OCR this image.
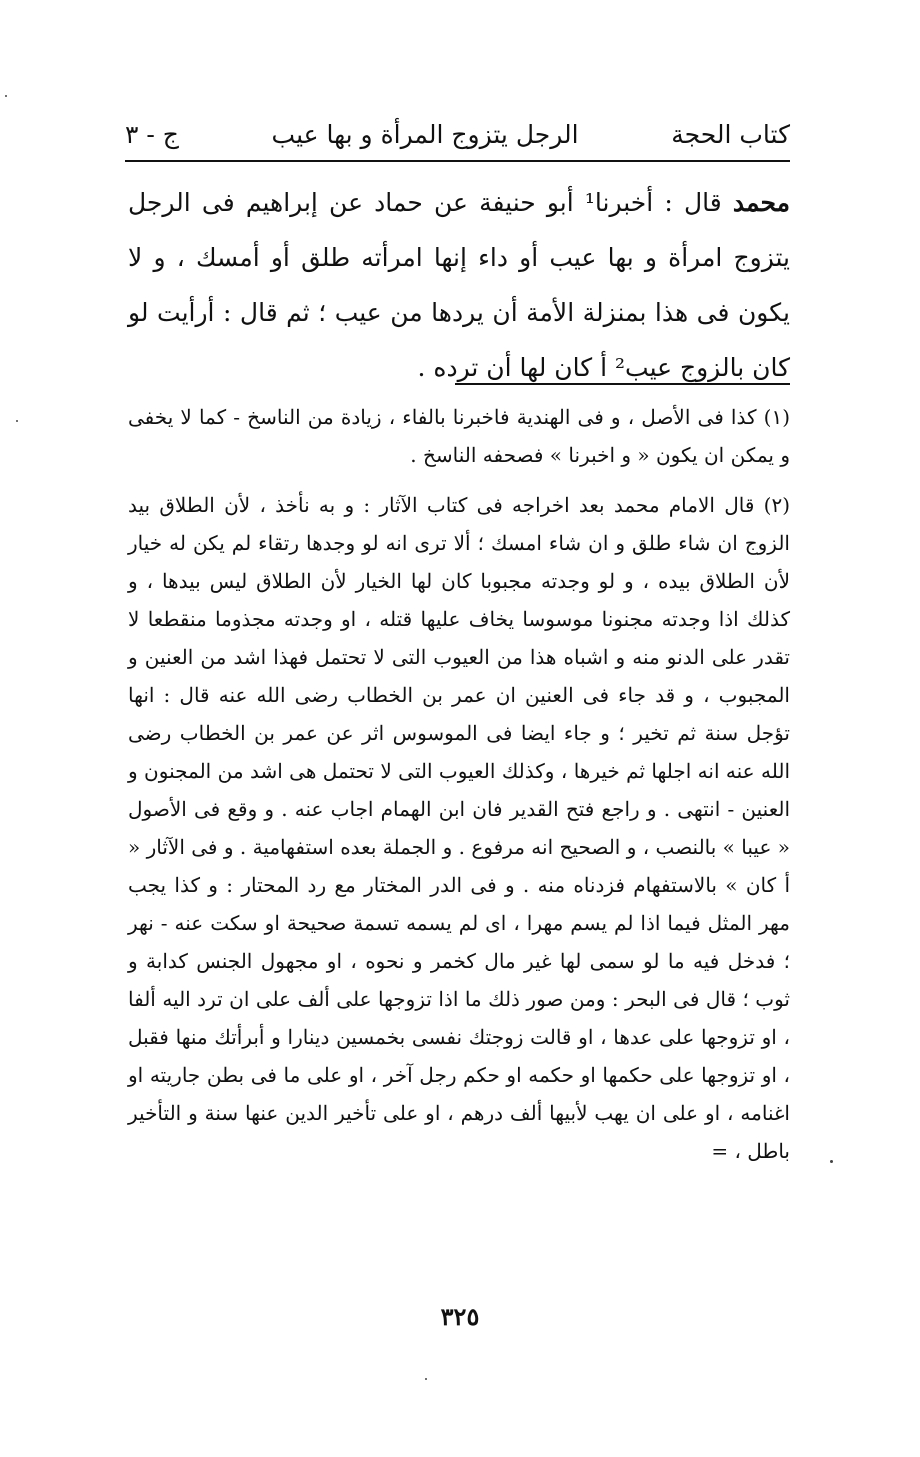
كتاب الحجة
الرجل يتزوج المرأة و بها عيب
ج - ٣

محمد قال : أخبرنا¹ أبو حنيفة عن حماد عن إبراهيم فى الرجل يتزوج امرأة و بها عيب أو داء إنها امرأته طلق أو أمسك ، و لا يكون فى هذا بمنزلة الأمة أن يردها من عيب ؛ ثم قال : أرأيت لو كان بالزوج عيب² أ كان لها أن ترده .

(١) كذا فى الأصل ، و فى الهندية فاخبرنا بالفاء ، زيادة من الناسخ - كما لا يخفى و يمكن ان يكون « و اخبرنا » فصحفه الناسخ .

(٢) قال الامام محمد بعد اخراجه فى كتاب الآثار : و به نأخذ ، لأن الطلاق بيد الزوج ان شاء طلق و ان شاء امسك ؛ ألا ترى انه لو وجدها رتقاء لم يكن له خيار لأن الطلاق بيده ، و لو وجدته مجبوبا كان لها الخيار لأن الطلاق ليس بيدها ، و كذلك اذا وجدته مجنونا موسوسا يخاف عليها قتله ، او وجدته مجذوما منقطعا لا تقدر على الدنو منه و اشباه هذا من العيوب التى لا تحتمل فهذا اشد من العنين و المجبوب ، و قد جاء فى العنين ان عمر بن الخطاب رضى الله عنه قال : انها تؤجل سنة ثم تخير ؛ و جاء ايضا فى الموسوس اثر عن عمر بن الخطاب رضى الله عنه انه اجلها ثم خيرها ، وكذلك العيوب التى لا تحتمل هى اشد من المجنون و العنين - انتهى . و راجع فتح القدير فان ابن الهمام اجاب عنه . و وقع فى الأصول « عيبا » بالنصب ، و الصحيح انه مرفوع . و الجملة بعده استفهامية . و فى الآثار « أ كان » بالاستفهام فزدناه منه . و فى الدر المختار مع رد المحتار : و كذا يجب مهر المثل فيما اذا لم يسم مهرا ، اى لم يسمه تسمة صحيحة او سكت عنه - نهر ؛ فدخل فيه ما لو سمى لها غير مال كخمر و نحوه ، او مجهول الجنس كدابة و ثوب ؛ قال فى البحر : ومن صور ذلك ما اذا تزوجها على ألف على ان ترد اليه ألفا ، او تزوجها على عدها ، او قالت زوجتك نفسى بخمسين دينارا و أبرأتك منها فقبل ، او تزوجها على حكمها او حكمه او حكم رجل آخر ، او على ما فى بطن جاريته او اغنامه ، او على ان يهب لأبيها ألف درهم ، او على تأخير الدين عنها سنة و التأخير باطل ، =

٣٢٥
